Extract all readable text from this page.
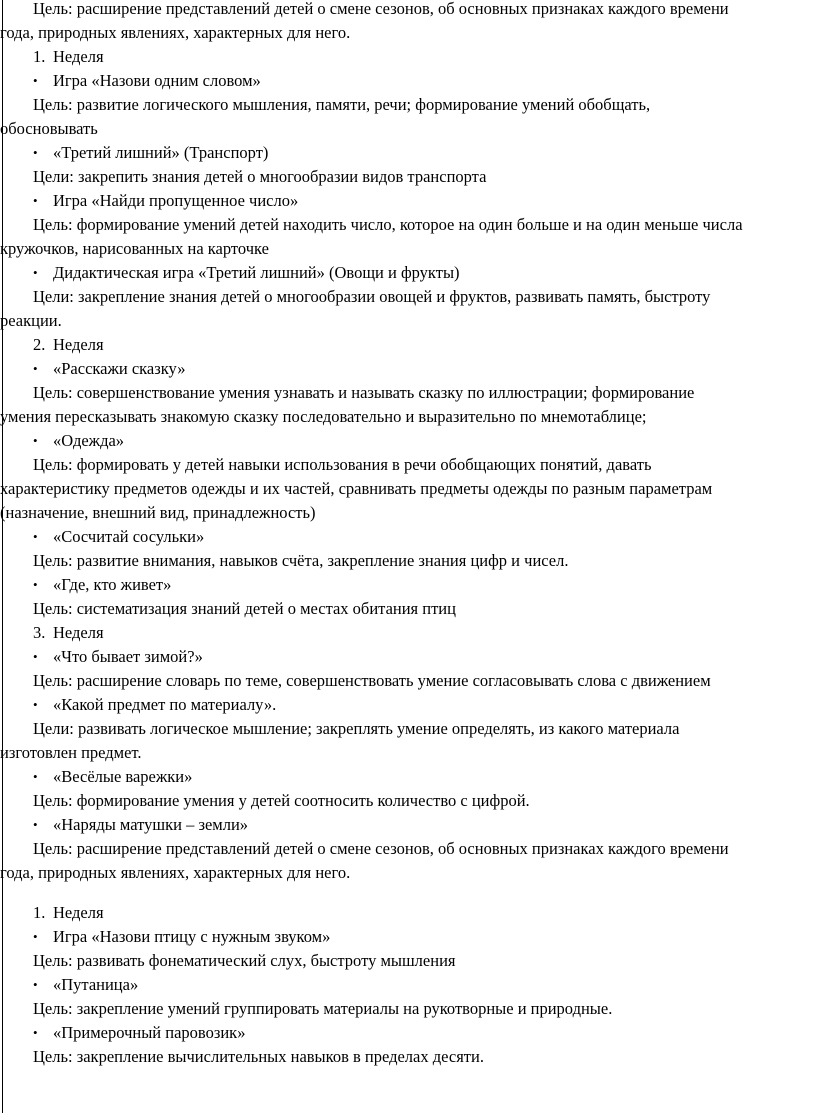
Цель: расширение представлений детей о смене сезонов, об основных признаках каждого времени
года, природных явлениях, характерных для него.
1. Неделя
• Игра «Назови одним словом»
Цель: развитие логического мышления, памяти, речи; формирование умений обобщать,
обосновывать
• «Третий лишний» (Транспорт)
Цели: закрепить знания детей о многообразии видов транспорта
• Игра «Найди пропущенное число»
Цель: формирование умений детей находить число, которое на один больше и на один меньше числа
кружочков, нарисованных на карточке
• Дидактическая игра «Третий лишний» (Овощи и фрукты)
Цели: закрепление знания детей о многообразии овощей и фруктов, развивать память, быстроту
реакции.
2. Неделя
• «Расскажи сказку»
Цель: совершенствование умения узнавать и называть сказку по иллюстрации; формирование
умения пересказывать знакомую сказку последовательно и выразительно по мнемотаблице;
• «Одежда»
Цель: формировать у детей навыки использования в речи обобщающих понятий, давать
характеристику предметов одежды и их частей, сравнивать предметы одежды по разным параметрам
(назначение, внешний вид, принадлежность)
• «Сосчитай сосульки»
Цель: развитие внимания, навыков счёта, закрепление знания цифр и чисел.
• «Где, кто живет»
Цель: систематизация знаний детей о местах обитания птиц
3. Неделя
• «Что бывает зимой?»
Цель: расширение словарь по теме, совершенствовать умение согласовывать слова с движением
• «Какой предмет по материалу».
Цели: развивать логическое мышление; закреплять умение определять, из какого материала
изготовлен предмет.
• «Весёлые варежки»
Цель: формирование умения у детей соотносить количество с цифрой.
• «Наряды матушки – земли»
Цель: расширение представлений детей о смене сезонов, об основных признаках каждого времени
года, природных явлениях, характерных для него.
1. Неделя
• Игра «Назови птицу с нужным звуком»
Цель: развивать фонематический слух, быстроту мышления
• «Путаница»
Цель: закрепление умений группировать материалы на рукотворные и природные.
• «Примерочный паровозик»
Цель: закрепление вычислительных навыков в пределах десяти.
